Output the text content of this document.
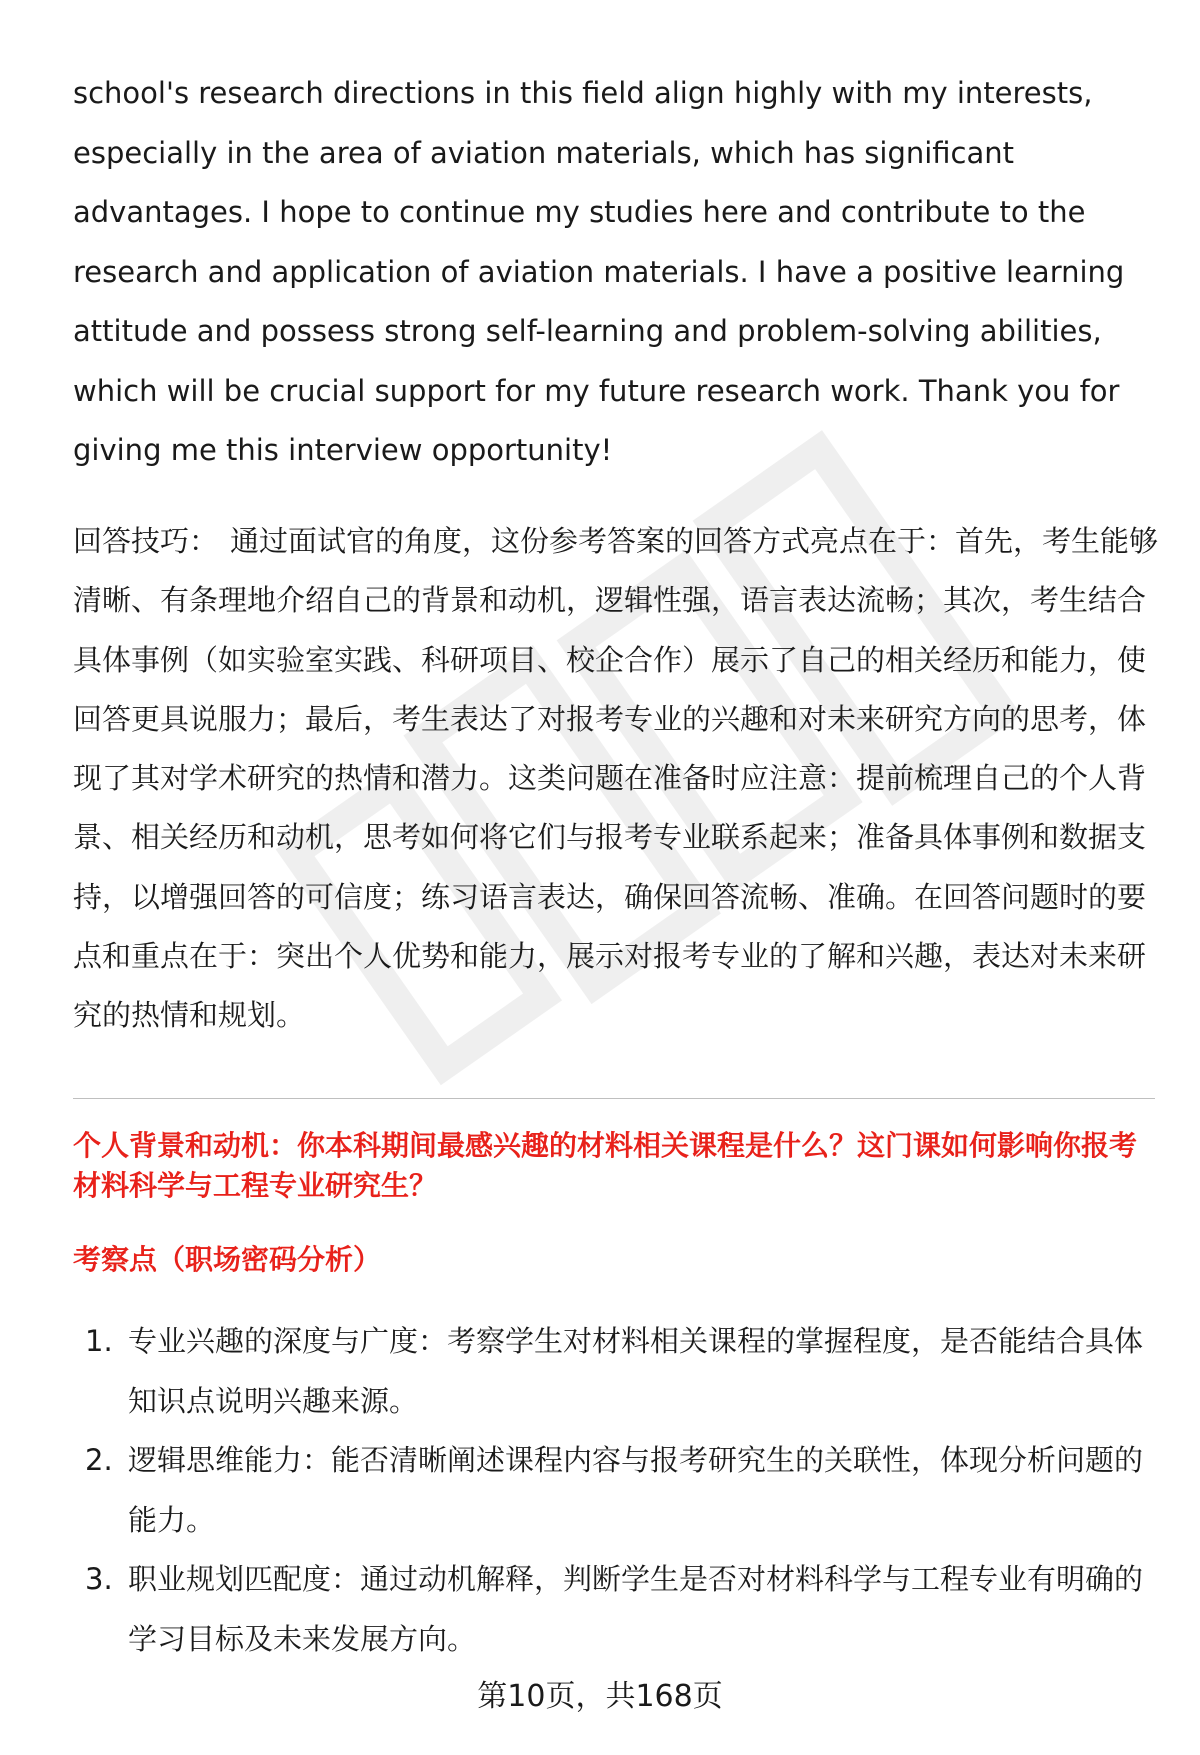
school's research directions in this field align highly with my interests, especially in the area of aviation materials, which has significant advantages. I hope to continue my studies here and contribute to the research and application of aviation materials. I have a positive learning attitude and possess strong self-learning and problem-solving abilities, which will be crucial support for my future research work. Thank you for giving me this interview opportunity!

回答技巧： 通过面试官的角度，这份参考答案的回答方式亮点在于：首先，考生能够清晰、有条理地介绍自己的背景和动机，逻辑性强，语言表达流畅；其次，考生结合具体事例（如实验室实践、科研项目、校企合作）展示了自己的相关经历和能力，使回答更具说服力；最后，考生表达了对报考专业的兴趣和对未来研究方向的思考，体现了其对学术研究的热情和潜力。这类问题在准备时应注意：提前梳理自己的个人背景、相关经历和动机，思考如何将它们与报考专业联系起来；准备具体事例和数据支持，以增强回答的可信度；练习语言表达，确保回答流畅、准确。在回答问题时的要点和重点在于：突出个人优势和能力，展示对报考专业的了解和兴趣，表达对未来研究的热情和规划。

个人背景和动机：你本科期间最感兴趣的材料相关课程是什么？这门课如何影响你报考材料科学与工程专业研究生？
考察点（职场密码分析）
1. 专业兴趣的深度与广度：考察学生对材料相关课程的掌握程度，是否能结合具体知识点说明兴趣来源。
2. 逻辑思维能力：能否清晰阐述课程内容与报考研究生的关联性，体现分析问题的能力。
3. 职业规划匹配度：通过动机解释，判断学生是否对材料科学与工程专业有明确的学习目标及未来发展方向。
第10页，共168页
